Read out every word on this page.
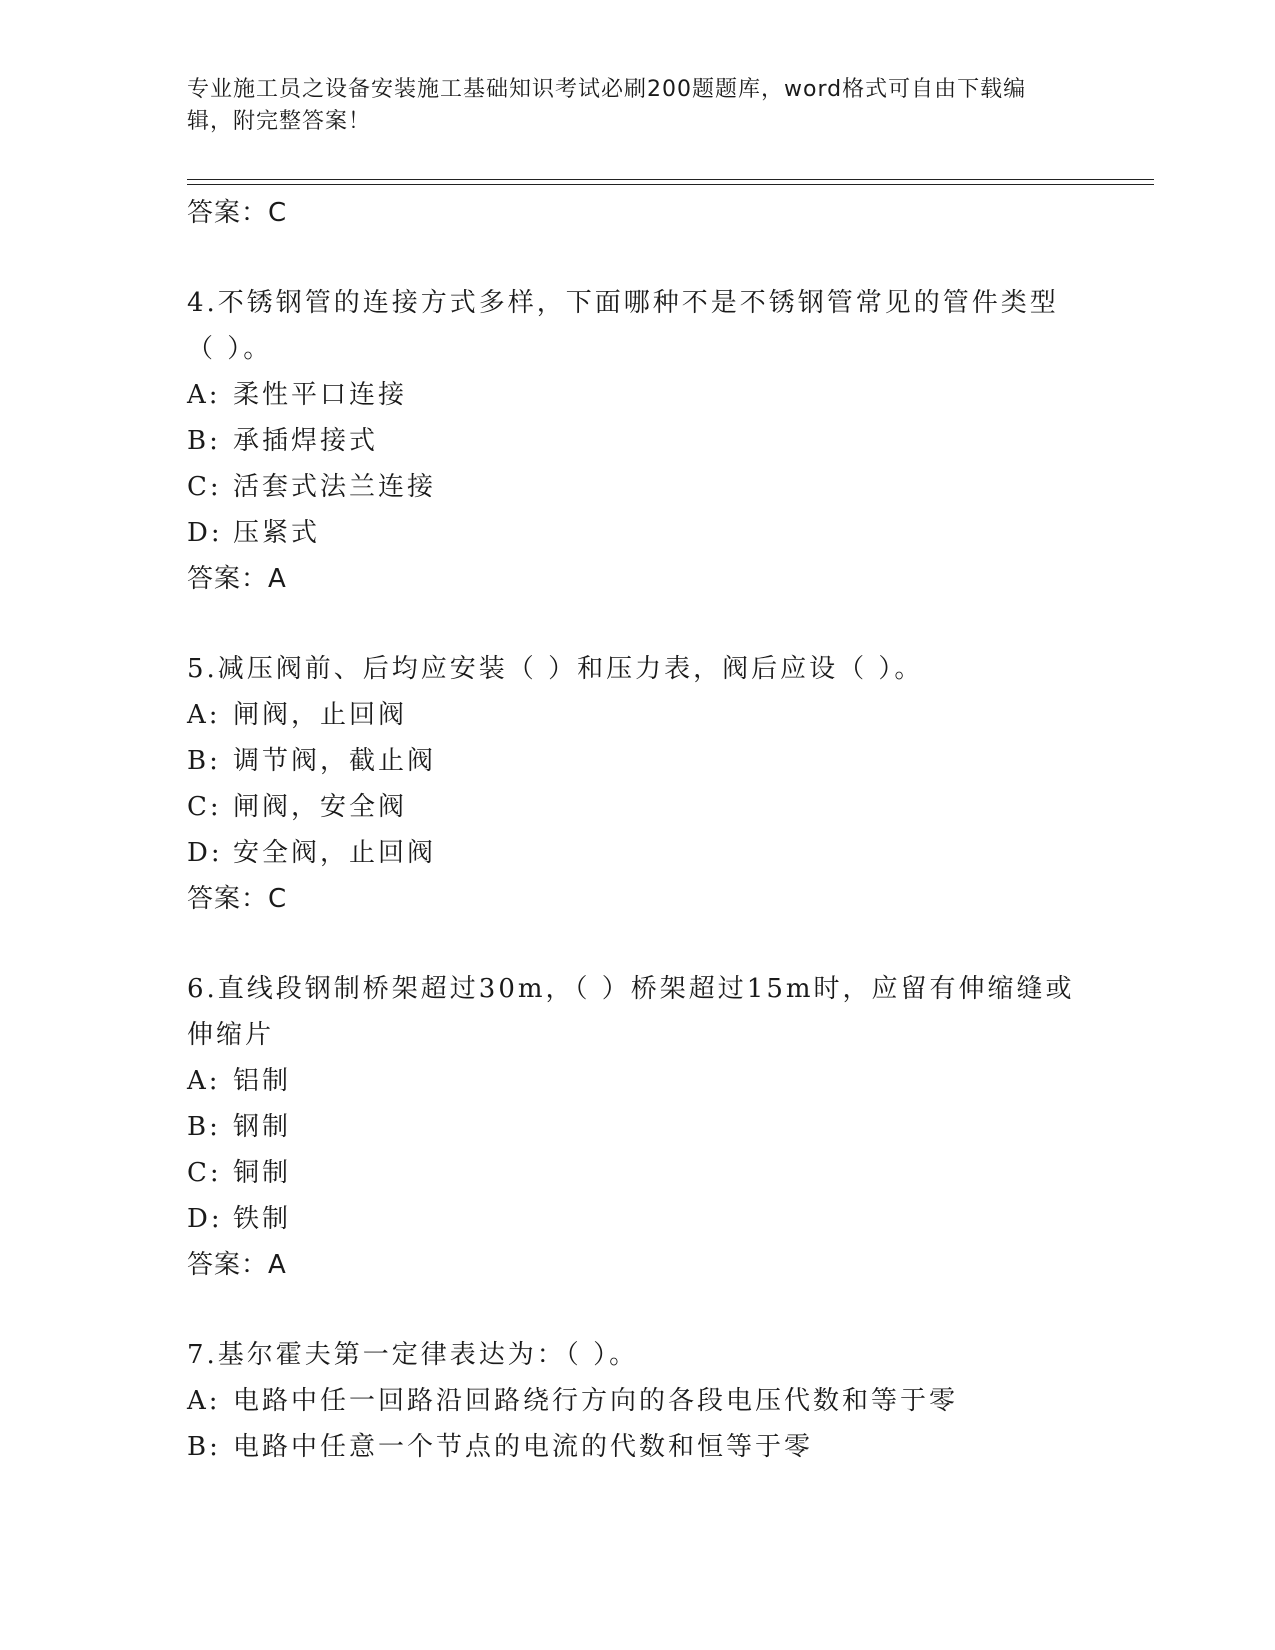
专业施工员之设备安装施工基础知识考试必刷200题题库，word格式可自由下载编辑，附完整答案！
答案：C
4.不锈钢管的连接方式多样，下面哪种不是不锈钢管常见的管件类型（ ）。
A: 柔性平口连接
B: 承插焊接式
C: 活套式法兰连接
D: 压紧式
答案：A
5.减压阀前、后均应安装（ ）和压力表，阀后应设（ ）。
A: 闸阀，止回阀
B: 调节阀，截止阀
C: 闸阀，安全阀
D: 安全阀，止回阀
答案：C
6.直线段钢制桥架超过30m，（ ）桥架超过15m时，应留有伸缩缝或伸缩片
A: 铝制
B: 钢制
C: 铜制
D: 铁制
答案：A
7.基尔霍夫第一定律表达为：（ ）。
A: 电路中任一回路沿回路绕行方向的各段电压代数和等于零
B: 电路中任意一个节点的电流的代数和恒等于零
